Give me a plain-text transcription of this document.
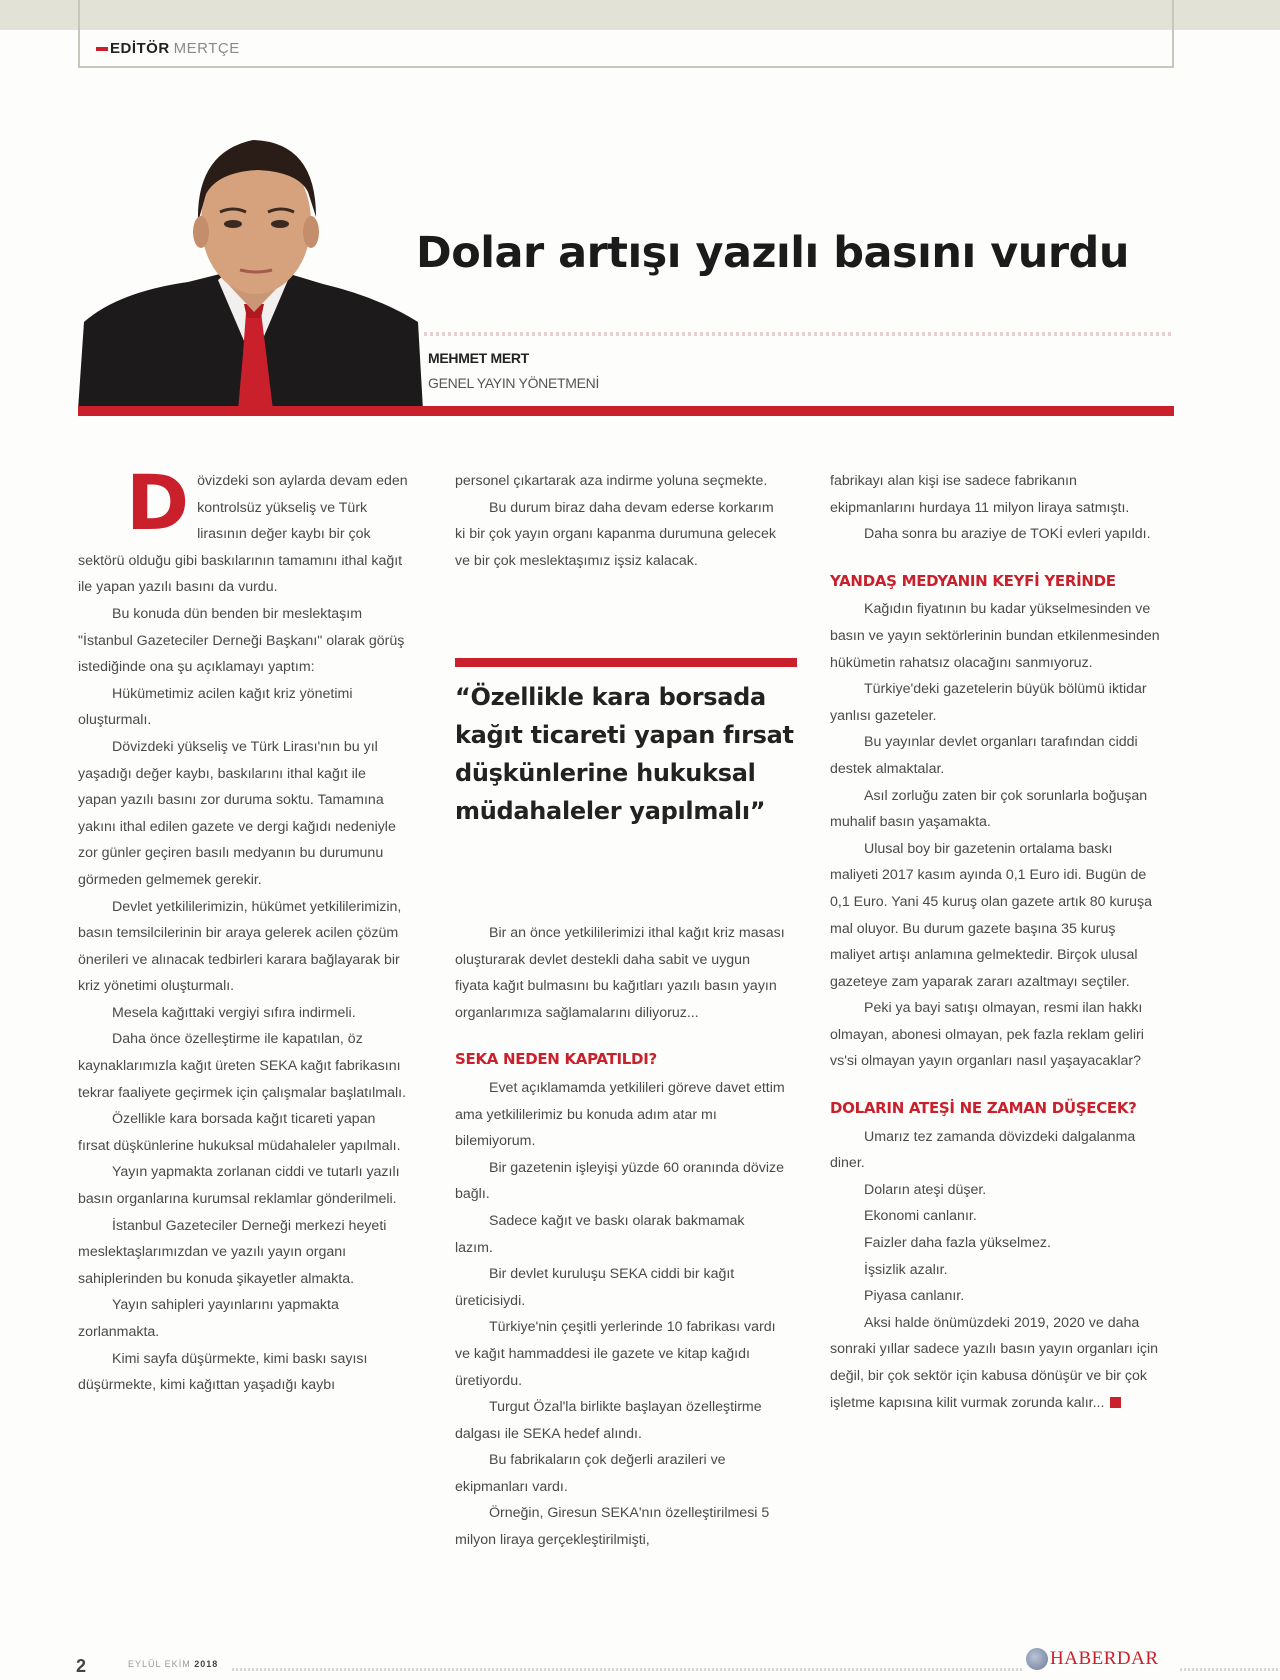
EDİTÖR MERTÇE
Dolar artışı yazılı basını vurdu
MEHMET MERT
GENEL YAYIN YÖNETMENİ

Dövizdeki son aylarda devam eden kontrolsüz yükseliş ve Türk lirasının değer kaybı bir çok sektörü olduğu gibi baskılarının tamamını ithal kağıt ile yapan yazılı basını da vurdu.

Bu konuda dün benden bir meslektaşım "İstanbul Gazeteciler Derneği Başkanı" olarak görüş istediğinde ona şu açıklamayı yaptım:

Hükümetimiz acilen kağıt kriz yönetimi oluşturmalı.

Dövizdeki yükseliş ve Türk Lirası'nın bu yıl yaşadığı değer kaybı, baskılarını ithal kağıt ile yapan yazılı basını zor duruma soktu. Tamamına yakını ithal edilen gazete ve dergi kağıdı nedeniyle zor günler geçiren basılı medyanın bu durumunu görmeden gelmemek gerekir.

Devlet yetkililerimizin, hükümet yetkililerimizin, basın temsilcilerinin bir araya gelerek acilen çözüm önerileri ve alınacak tedbirleri karara bağlayarak bir kriz yönetimi oluşturmalı.

Mesela kağıttaki vergiyi sıfıra indirmeli.

Daha önce özelleştirme ile kapatılan, öz kaynaklarımızla kağıt üreten SEKA kağıt fabrikasını tekrar faaliyete geçirmek için çalışmalar başlatılmalı.

Özellikle kara borsada kağıt ticareti yapan fırsat düşkünlerine hukuksal müdahaleler yapılmalı.

Yayın yapmakta zorlanan ciddi ve tutarlı yazılı basın organlarına kurumsal reklamlar gönderilmeli.

İstanbul Gazeteciler Derneği merkezi heyeti meslektaşlarımızdan ve yazılı yayın organı sahiplerinden bu konuda şikayetler almakta.

Yayın sahipleri yayınlarını yapmakta zorlanmakta.

Kimi sayfa düşürmekte, kimi baskı sayısı düşürmekte, kimi kağıttan yaşadığı kaybı

personel çıkartarak aza indirme yoluna seçmekte.

Bu durum biraz daha devam ederse korkarım ki bir çok yayın organı kapanma durumuna gelecek ve bir çok meslektaşımız işsiz kalacak.

“Özellikle kara borsada kağıt ticareti yapan fırsat düşkünlerine hukuksal müdahaleler yapılmalı”

Bir an önce yetkililerimizi ithal kağıt kriz masası oluşturarak devlet destekli daha sabit ve uygun fiyata kağıt bulmasını bu kağıtları yazılı basın yayın organlarımıza sağlamalarını diliyoruz...

SEKA NEDEN KAPATILDI?

Evet açıklamamda yetkilileri göreve davet ettim ama yetkililerimiz bu konuda adım atar mı bilemiyorum.

Bir gazetenin işleyişi yüzde 60 oranında dövize bağlı.

Sadece kağıt ve baskı olarak bakmamak lazım.

Bir devlet kuruluşu SEKA ciddi bir kağıt üreticisiydi.

Türkiye'nin çeşitli yerlerinde 10 fabrikası vardı ve kağıt hammaddesi ile gazete ve kitap kağıdı üretiyordu.

Turgut Özal'la birlikte başlayan özelleştirme dalgası ile SEKA hedef alındı.

Bu fabrikaların çok değerli arazileri ve ekipmanları vardı.

Örneğin, Giresun SEKA'nın özelleştirilmesi 5 milyon liraya gerçekleştirilmişti,

fabrikayı alan kişi ise sadece fabrikanın ekipmanlarını hurdaya 11 milyon liraya satmıştı.

Daha sonra bu araziye de TOKİ evleri yapıldı.

YANDAŞ MEDYANIN KEYFİ YERİNDE

Kağıdın fiyatının bu kadar yükselmesinden ve basın ve yayın sektörlerinin bundan etkilenmesinden hükümetin rahatsız olacağını sanmıyoruz.

Türkiye'deki gazetelerin büyük bölümü iktidar yanlısı gazeteler.

Bu yayınlar devlet organları tarafından ciddi destek almaktalar.

Asıl zorluğu zaten bir çok sorunlarla boğuşan muhalif basın yaşamakta.

Ulusal boy bir gazetenin ortalama baskı maliyeti 2017 kasım ayında 0,1 Euro idi. Bugün de 0,1 Euro. Yani 45 kuruş olan gazete artık 80 kuruşa mal oluyor. Bu durum gazete başına 35 kuruş maliyet artışı anlamına gelmektedir. Birçok ulusal gazeteye zam yaparak zararı azaltmayı seçtiler.

Peki ya bayi satışı olmayan, resmi ilan hakkı olmayan, abonesi olmayan, pek fazla reklam geliri vs'si olmayan yayın organları nasıl yaşayacaklar?

DOLARIN ATEŞİ NE ZAMAN DÜŞECEK?

Umarız tez zamanda dövizdeki dalgalanma diner.

Doların ateşi düşer.

Ekonomi canlanır.

Faizler daha fazla yükselmez.

İşsizlik azalır.

Piyasa canlanır.

Aksi halde önümüzdeki 2019, 2020 ve daha sonraki yıllar sadece yazılı basın yayın organları için değil, bir çok sektör için kabusa dönüşür ve bir çok işletme kapısına kilit vurmak zorunda kalır...

2	EYLÜL EKİM 2018	HABERDAR
